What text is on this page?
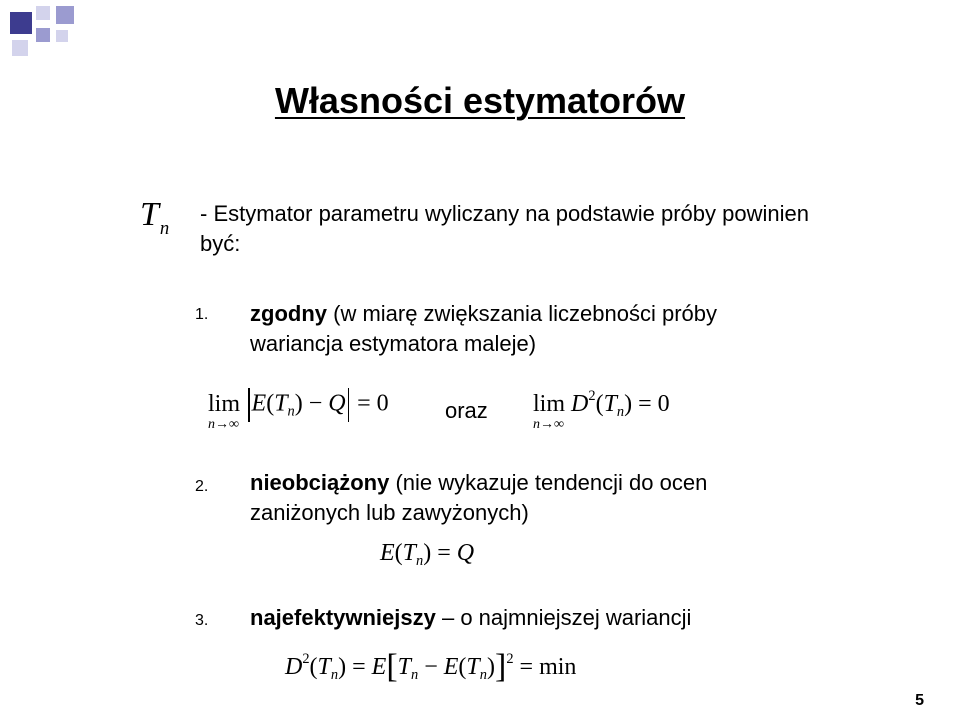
Własności estymatorów
$T_n$
- Estymator parametru wyliczany na podstawie próby powinien być:
1. zgodny (w miarę zwiększania liczebności próby wariancja estymatora maleje)
lim
n→∞
$E(T_n) - Q = 0$	oraz lim
n→∞
$D^2(T_n) = 0$
2. nieobciążony (nie wykazuje tendencji do ocen zaniżonych lub zawyżonych)
$E(T_n) = Q$
3. najefektywniejszy – o najmniejszej wariancji
$D^2(T_n) = E[T_n - E(T_n)]^2 = \min$
5
